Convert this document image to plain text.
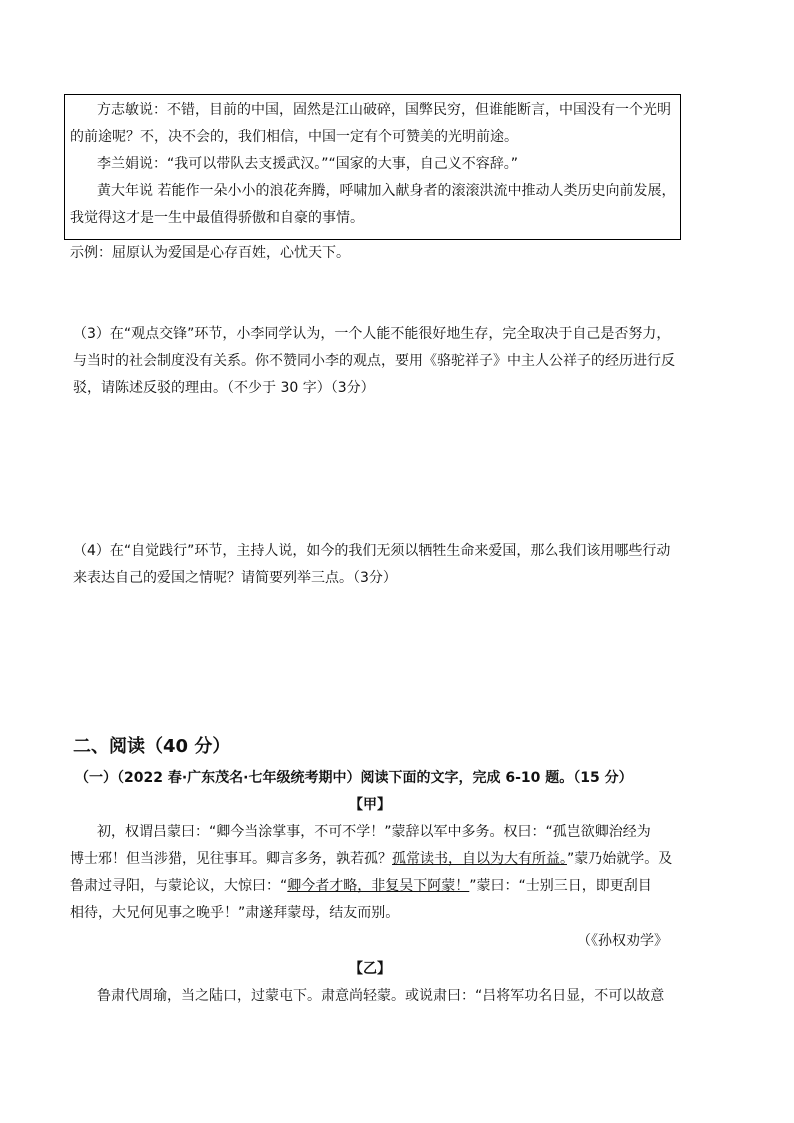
方志敏说：不错，目前的中国，固然是江山破碎，国弊民穷，但谁能断言，中国没有一个光明
的前途呢？不，决不会的，我们相信，中国一定有个可赞美的光明前途。
李兰娟说：“我可以带队去支援武汉。”“国家的大事，自己义不容辞。”
黄大年说 若能作一朵小小的浪花奔腾，呼啸加入献身者的滚滚洪流中推动人类历史向前发展，
我觉得这才是一生中最值得骄傲和自豪的事情。
示例：屈原认为爱国是心存百姓，心忧天下。
（3）在“观点交锋”环节，小李同学认为，一个人能不能很好地生存，完全取决于自己是否努力，
与当时的社会制度没有关系。你不赞同小李的观点，要用《骆驼祥子》中主人公祥子的经历进行反
驳，请陈述反驳的理由。（不少于 30 字）（3分）
（4）在“自觉践行”环节，主持人说，如今的我们无须以牺牲生命来爱国，那么我们该用哪些行动
来表达自己的爱国之情呢？请简要列举三点。（3分）
二、阅读（40 分）
（一）（2022 春·广东茂名·七年级统考期中）阅读下面的文字，完成 6-10 题。（15 分）
【甲】
初，权谓吕蒙曰：“卿今当涂掌事，不可不学！”蒙辞以军中多务。权曰：“孤岂欲卿治经为
博士邪！但当涉猎，见往事耳。卿言多务，孰若孤？孤常读书，自以为大有所益。”蒙乃始就学。及
鲁肃过寻阳，与蒙论议，大惊曰：“卿今者才略，非复吴下阿蒙！”蒙曰：“士别三日，即更刮目
相待，大兄何见事之晚乎！”肃遂拜蒙母，结友而别。
（《孙权劝学》
【乙】
鲁肃代周瑜，当之陆口，过蒙屯下。肃意尚轻蒙。或说肃曰：“吕将军功名日显，不可以故意
